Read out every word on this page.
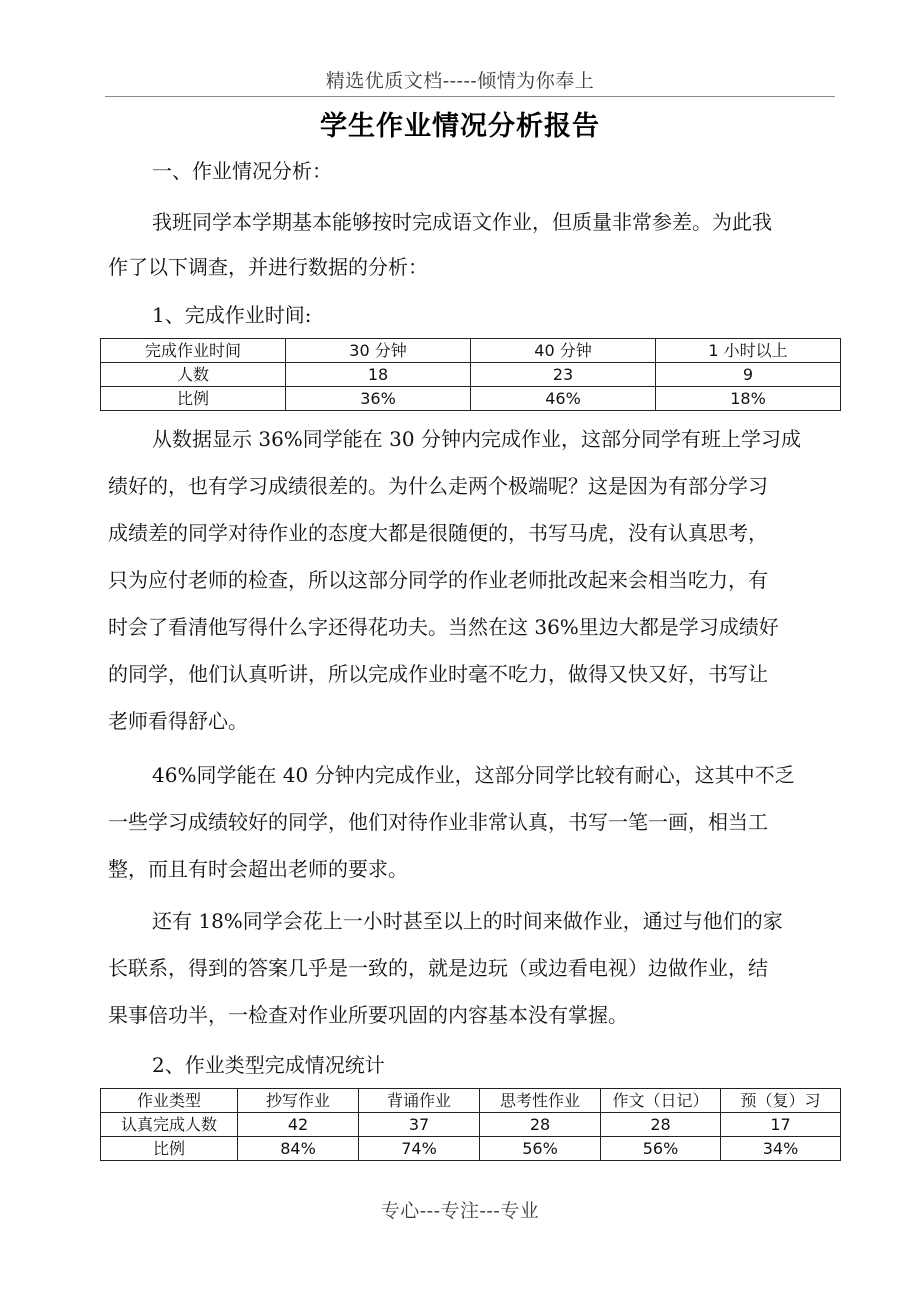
精选优质文档-----倾情为你奉上
学生作业情况分析报告
一、作业情况分析：
我班同学本学期基本能够按时完成语文作业，但质量非常参差。为此我
作了以下调查，并进行数据的分析：
1、完成作业时间:
完成作业时间	30 分钟	40 分钟	1 小时以上
人数	18	23	9
比例	36%	46%	18%
从数据显示 36%同学能在 30 分钟内完成作业，这部分同学有班上学习成
绩好的，也有学习成绩很差的。为什么走两个极端呢？这是因为有部分学习
成绩差的同学对待作业的态度大都是很随便的，书写马虎，没有认真思考，
只为应付老师的检查，所以这部分同学的作业老师批改起来会相当吃力，有
时会了看清他写得什么字还得花功夫。当然在这 36%里边大都是学习成绩好
的同学，他们认真听讲，所以完成作业时毫不吃力，做得又快又好，书写让
老师看得舒心。
46%同学能在 40 分钟内完成作业，这部分同学比较有耐心，这其中不乏
一些学习成绩较好的同学，他们对待作业非常认真，书写一笔一画，相当工
整，而且有时会超出老师的要求。
还有 18%同学会花上一小时甚至以上的时间来做作业，通过与他们的家
长联系，得到的答案几乎是一致的，就是边玩（或边看电视）边做作业，结
果事倍功半，一检查对作业所要巩固的内容基本没有掌握。
2、作业类型完成情况统计
作业类型	抄写作业	背诵作业	思考性作业	作文（日记）	预（复）习
认真完成人数	42	37	28	28	17
比例	84%	74%	56%	56%	34%
专心---专注---专业
